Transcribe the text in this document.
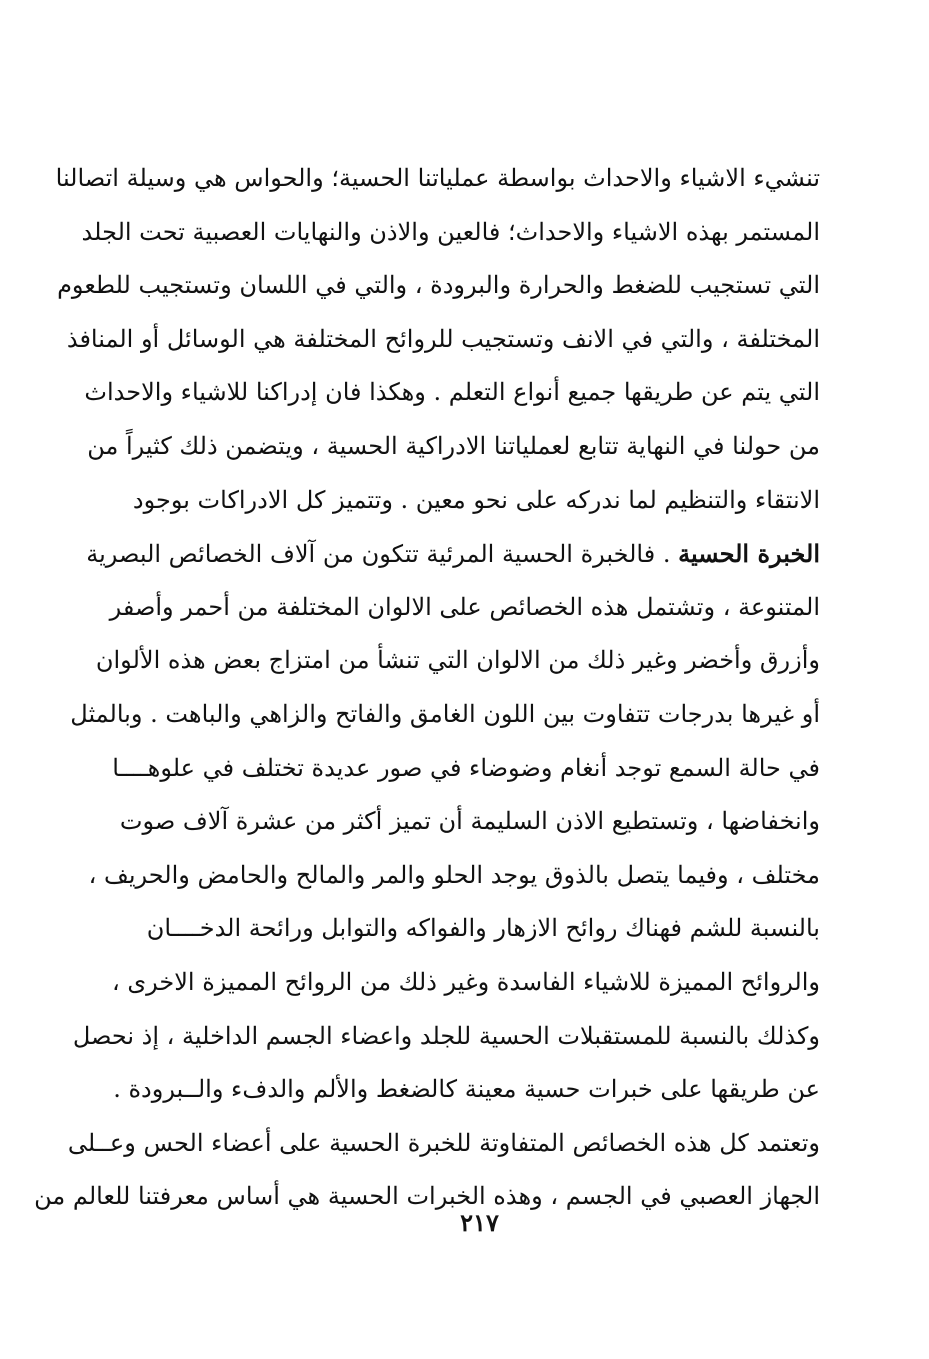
تنشيء الاشياء والاحداث بواسطة عملياتنا الحسية؛ والحواس هي وسيلة اتصالنا
المستمر بهذه الاشياء والاحداث؛ فالعين والاذن والنهايات العصبية تحت الجلد
التي تستجيب للضغط والحرارة والبرودة ، والتي في اللسان وتستجيب للطعوم
المختلفة ، والتي في الانف وتستجيب للروائح المختلفة هي الوسائل أو المنافذ
التي يتم عن طريقها جميع أنواع التعلم . وهكذا فان إدراكنا للاشياء والاحداث
من حولنا في النهاية تتابع لعملياتنا الادراكية الحسية ، ويتضمن ذلك كثيراً من
الانتقاء والتنظيم لما ندركه على نحو معين . وتتميز كل الادراكات بوجود
الخبرة الحسية . فالخبرة الحسية المرئية تتكون من آلاف الخصائص البصرية
المتنوعة ، وتشتمل هذه الخصائص على الالوان المختلفة من أحمر وأصفر
وأزرق وأخضر وغير ذلك من الالوان التي تنشأ من امتزاج بعض هذه الألوان
أو غيرها بدرجات تتفاوت بين اللون الغامق والفاتح والزاهي والباهت . وبالمثل
في حالة السمع توجد أنغام وضوضاء في صور عديدة تختلف في علوهــــا
وانخفاضها ، وتستطيع الاذن السليمة أن تميز أكثر من عشرة آلاف صوت
مختلف ، وفيما يتصل بالذوق يوجد الحلو والمر والمالح والحامض والحريف ،
بالنسبة للشم فهناك روائح الازهار والفواكه والتوابل ورائحة الدخــــان
والروائح المميزة للاشياء الفاسدة وغير ذلك من الروائح المميزة الاخرى ،
وكذلك بالنسبة للمستقبلات الحسية للجلد واعضاء الجسم الداخلية ، إذ نحصل
عن طريقها على خبرات حسية معينة كالضغط والألم والدفء والــبرودة .
وتعتمد كل هذه الخصائص المتفاوتة للخبرة الحسية على أعضاء الحس وعــلى
الجهاز العصبي في الجسم ، وهذه الخبرات الحسية هي أساس معرفتنا للعالم من
٢١٧
